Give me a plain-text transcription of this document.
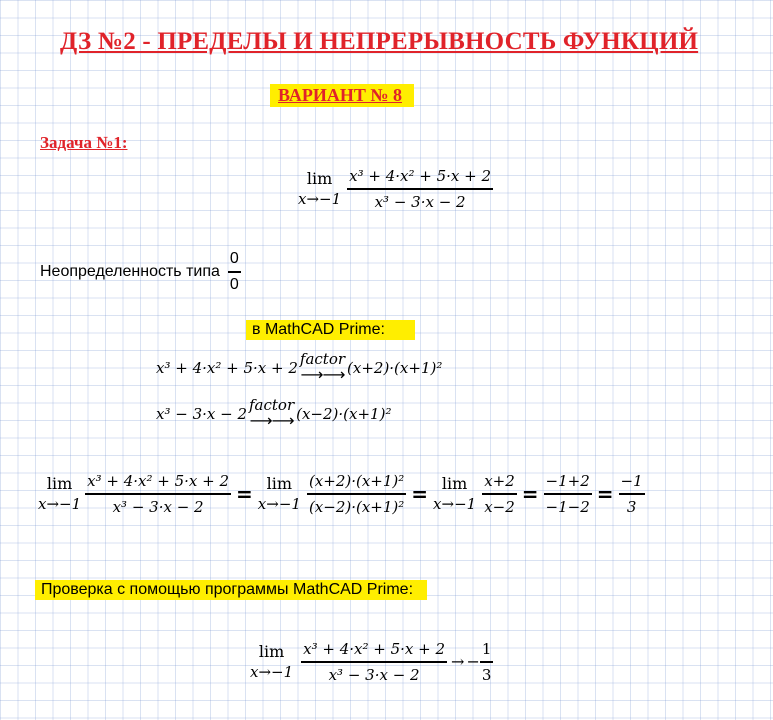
ДЗ №2 - ПРЕДЕЛЫ И НЕПРЕРЫВНОСТЬ ФУНКЦИЙ
ВАРИАНТ № 8
Задача №1:
lim
$x\to-1 \frac{\text{x³ + 4·x² + 5·x + 2}}{\text{x³ − 3·x − 2}}$
Неопределенность типа $\frac{0}{0}$
в MathCAD Prime:
x³ + 4·x² + 5·x + 2 factor
⟶⟶ (x+2)·(x+1)²
x³ − 3·x − 2 factor
⟶⟶ (x−2)·(x+1)²
lim
$x\to-1 \frac{\text{x³ + 4·x² + 5·x + 2}}{\text{x³ − 3·x − 2}} = \lim$
$x\to-1 \frac{\text{(x+2)·(x+1)²}}{\text{(x−2)·(x+1)²}} = \lim$
$x\to-1 \frac{x+2}{x-2} = \frac{-1+2}{-1-2} = \frac{-1}{3}$
Проверка с помощью программы MathCAD Prime:
lim
$x\to-1 \frac{\text{x³ + 4·x² + 5·x + 2}}{\text{x³ − 3·x − 2}}$ → − $\frac{1}{3}$
